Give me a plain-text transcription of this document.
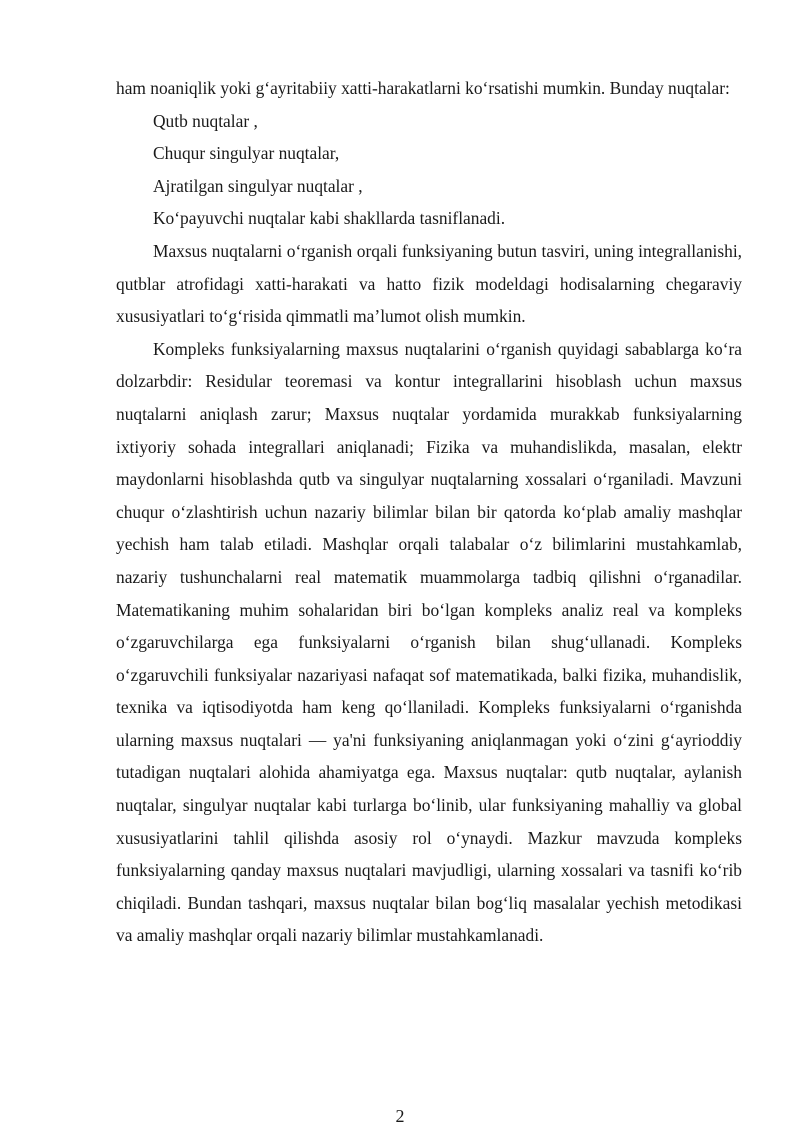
ham noaniqlik yoki g‘ayritabiiy xatti-harakatlarni ko‘rsatishi mumkin. Bunday nuqtalar:

Qutb nuqtalar ,

Chuqur singulyar nuqtalar,

Ajratilgan singulyar nuqtalar ,

Ko‘payuvchi nuqtalar kabi shakllarda tasniflanadi.

Maxsus nuqtalarni o‘rganish orqali funksiyaning butun tasviri, uning integrallanishi, qutblar atrofidagi xatti-harakati va hatto fizik modeldagi hodisalarning chegaraviy xususiyatlari to‘g‘risida qimmatli ma’lumot olish mumkin.

Kompleks funksiyalarning maxsus nuqtalarini o‘rganish quyidagi sabablarga ko‘ra dolzarbdir: Residular teoremasi va kontur integrallarini hisoblash uchun maxsus nuqtalarni aniqlash zarur; Maxsus nuqtalar yordamida murakkab funksiyalarning ixtiyoriy sohada integrallari aniqlanadi; Fizika va muhandislikda, masalan, elektr maydonlarni hisoblashda qutb va singulyar nuqtalarning xossalari o‘rganiladi. Mavzuni chuqur o‘zlashtirish uchun nazariy bilimlar bilan bir qatorda ko‘plab amaliy mashqlar yechish ham talab etiladi. Mashqlar orqali talabalar o‘z bilimlarini mustahkamlab, nazariy tushunchalarni real matematik muammolarga tadbiq qilishni o‘rganadilar. Matematikaning muhim sohalaridan biri bo‘lgan kompleks analiz real va kompleks o‘zgaruvchilarga ega funksiyalarni o‘rganish bilan shug‘ullanadi. Kompleks o‘zgaruvchili funksiyalar nazariyasi nafaqat sof matematikada, balki fizika, muhandislik, texnika va iqtisodiyotda ham keng qo‘llaniladi. Kompleks funksiyalarni o‘rganishda ularning maxsus nuqtalari — ya'ni funksiyaning aniqlanmagan yoki o‘zini g‘ayrioddiy tutadigan nuqtalari alohida ahamiyatga ega. Maxsus nuqtalar: qutb nuqtalar, aylanish nuqtalar, singulyar nuqtalar kabi turlarga bo‘linib, ular funksiyaning mahalliy va global xususiyatlarini tahlil qilishda asosiy rol o‘ynaydi. Mazkur mavzuda kompleks funksiyalarning qanday maxsus nuqtalari mavjudligi, ularning xossalari va tasnifi ko‘rib chiqiladi. Bundan tashqari, maxsus nuqtalar bilan bog‘liq masalalar yechish metodikasi va amaliy mashqlar orqali nazariy bilimlar mustahkamlanadi.

2
